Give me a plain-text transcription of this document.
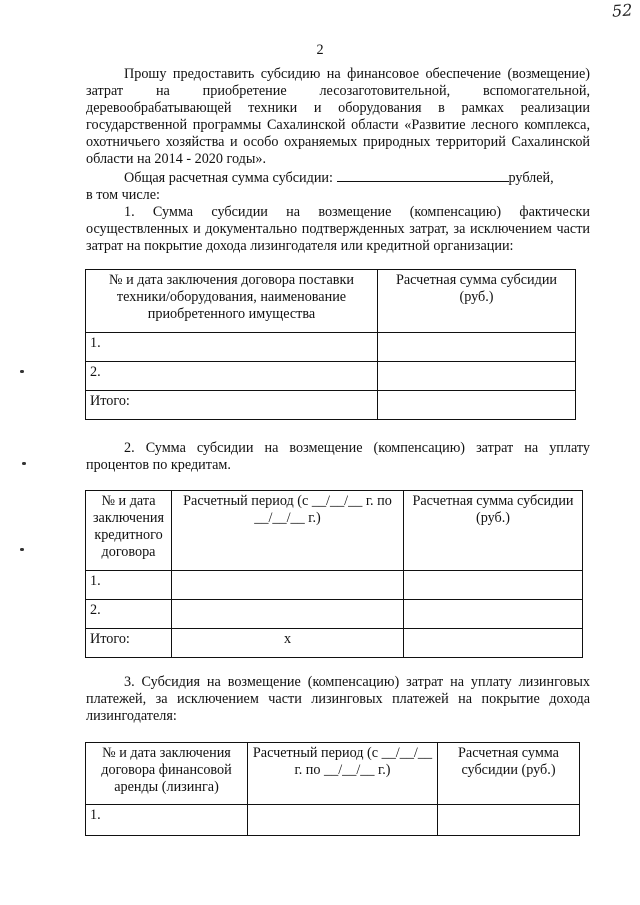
52
2

Прошу предоставить субсидию на финансовое обеспечение (возмещение) затрат на приобретение лесозаготовительной, вспомогательной, деревообрабатывающей техники и оборудования в рамках реализации государственной программы Сахалинской области «Развитие лесного комплекса, охотничьего хозяйства и особо охраняемых природных территорий Сахалинской области на 2014 - 2020 годы».

Общая расчетная сумма субсидии:	рублей,

в том числе:

1. Сумма субсидии на возмещение (компенсацию) фактически осуществленных и документально подтвержденных затрат, за исключением части затрат на покрытие дохода лизингодателя или кредитной организации:

№ и дата заключения договора поставки техники/оборудования, наименование приобретенного имущества	Расчетная сумма субсидии (руб.)
1.	
2.	
Итого:	

2. Сумма субсидии на возмещение (компенсацию) затрат на уплату процентов по кредитам.

№ и дата заключения кредитного договора	Расчетный период (с __/__/__ г. по __/__/__ г.)	Расчетная сумма субсидии (руб.)
1.		
2.		
Итого:	x	

3. Субсидия на возмещение (компенсацию) затрат на уплату лизинговых платежей, за исключением части лизинговых платежей на покрытие дохода лизингодателя:

№ и дата заключения договора финансовой аренды (лизинга)	Расчетный период (с __/__/__ г. по __/__/__ г.)	Расчетная сумма субсидии (руб.)
1.		
